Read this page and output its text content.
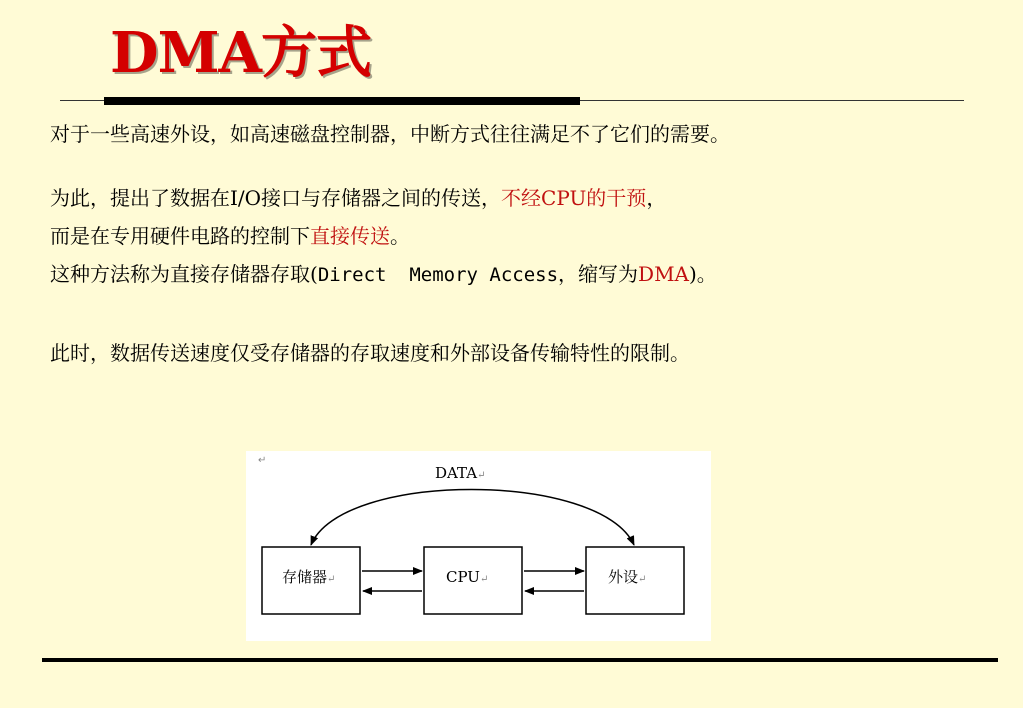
DMA方式

对于一些高速外设，如高速磁盘控制器，中断方式往往满足不了它们的需要。

为此，提出了数据在I/O接口与存储器之间的传送，不经CPU的干预，

而是在专用硬件电路的控制下直接传送。

这种方法称为直接存储器存取(Direct  Memory Access，缩写为DMA)。

此时，数据传送速度仅受存储器的存取速度和外部设备传输特性的限制。

↵
DATA↵
存储器↵	CPU↵	外设↵
